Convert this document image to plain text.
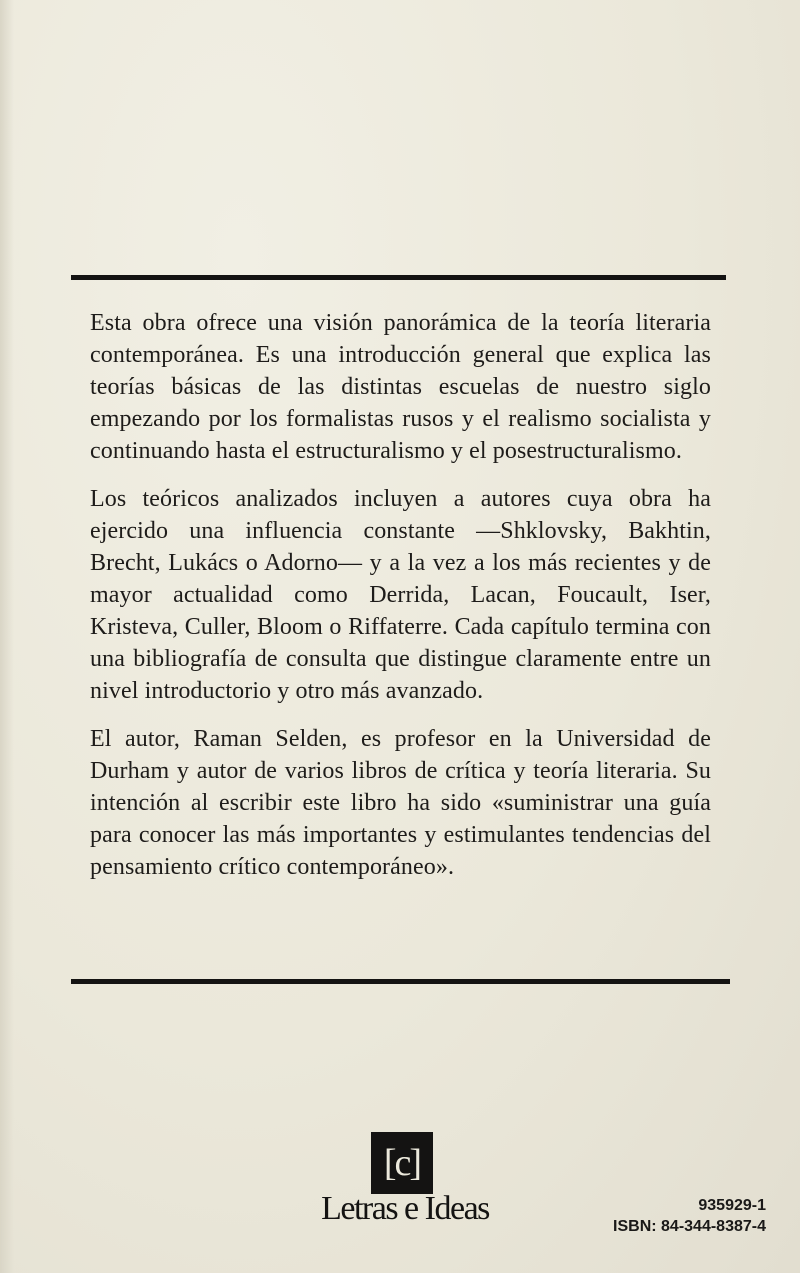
Esta obra ofrece una visión panorámica de la teoría literaria contemporánea. Es una introducción general que explica las teorías básicas de las distintas escuelas de nuestro siglo empezando por los formalistas rusos y el realismo socialista y continuando hasta el estructuralismo y el posestructuralismo.

Los teóricos analizados incluyen a autores cuya obra ha ejercido una influencia constante —Shklovsky, Bakhtin, Brecht, Lukács o Adorno— y a la vez a los más recientes y de mayor actualidad como Derrida, Lacan, Foucault, Iser, Kristeva, Culler, Bloom o Riffaterre. Cada capítulo termina con una bibliografía de consulta que distingue claramente entre un nivel introductorio y otro más avanzado.

El autor, Raman Selden, es profesor en la Universidad de Durham y autor de varios libros de crítica y teoría literaria. Su intención al escribir este libro ha sido «suministrar una guía para conocer las más importantes y estimulantes tendencias del pensamiento crítico contemporáneo».

[c]
Letras e Ideas	935929-1
ISBN: 84-344-8387-4
